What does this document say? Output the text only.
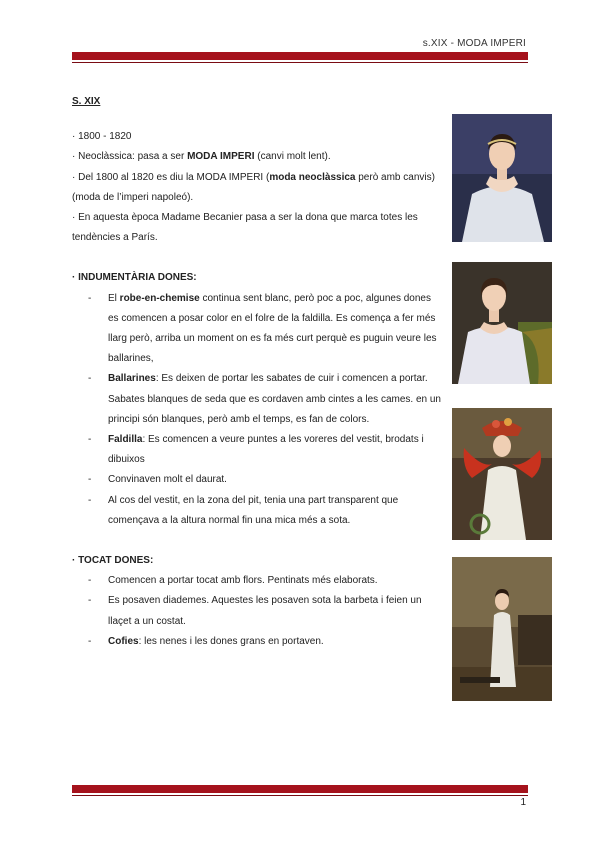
s.XIX - MODA IMPERI
S. XIX

· 1800 - 1820

· Neoclàssica: pasa a ser MODA IMPERI (canvi molt lent).

· Del 1800 al 1820 es diu la MODA IMPERI (moda neoclàssica però amb canvis) (moda de l’imperi napoleó).

· En aquesta època Madame Becanier pasa a ser la dona que marca totes les tendències a París.

· INDUMENTÀRIA DONES:
- El robe-en-chemise continua sent blanc, però poc a poc, algunes dones es comencen a posar color en el folre de la faldilla. Es comença a fer més llarg però, arriba un moment on es fa més curt perquè es puguin veure les ballarines,
- Ballarines: Es deixen de portar les sabates de cuir i comencen a portar. Sabates blanques de seda que es cordaven amb cintes a les cames. en un principi són blanques, però amb el temps, es fan de colors.
- Faldilla: Es comencen a veure puntes a les voreres del vestit, brodats i dibuixos
- Convinaven molt el daurat.
- Al cos del vestit, en la zona del pit, tenia una part transparent que començava a la altura normal fin una mica més a sota.
· TOCAT DONES:
- Comencen a portar tocat amb flors. Pentinats més elaborats.
- Es posaven diademes. Aquestes les posaven sota la barbeta i feien un llaçet a un costat.
- Cofies: les nenes i les dones grans en portaven.
1
